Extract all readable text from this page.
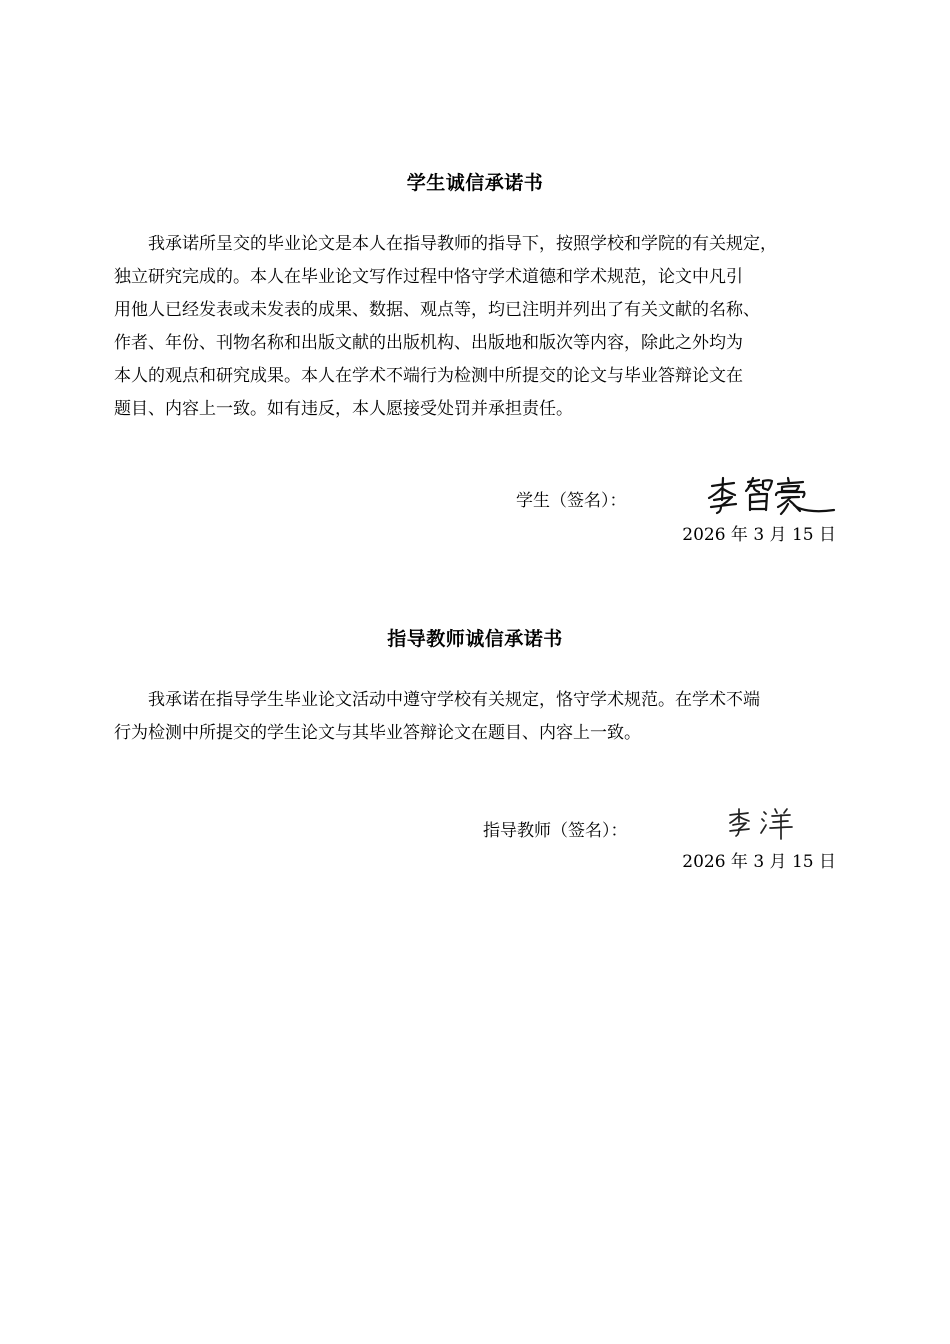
学生诚信承诺书
我承诺所呈交的毕业论文是本人在指导教师的指导下，按照学校和学院的有关规定，
独立研究完成的。本人在毕业论文写作过程中恪守学术道德和学术规范，论文中凡引
用他人已经发表或未发表的成果、数据、观点等，均已注明并列出了有关文献的名称、
作者、年份、刊物名称和出版文献的出版机构、出版地和版次等内容，除此之外均为
本人的观点和研究成果。本人在学术不端行为检测中所提交的论文与毕业答辩论文在
题目、内容上一致。如有违反，本人愿接受处罚并承担责任。
学生（签名）：
2026 年 3 月 15 日
指导教师诚信承诺书
我承诺在指导学生毕业论文活动中遵守学校有关规定，恪守学术规范。在学术不端
行为检测中所提交的学生论文与其毕业答辩论文在题目、内容上一致。
指导教师（签名）：
2026 年 3 月 15 日
